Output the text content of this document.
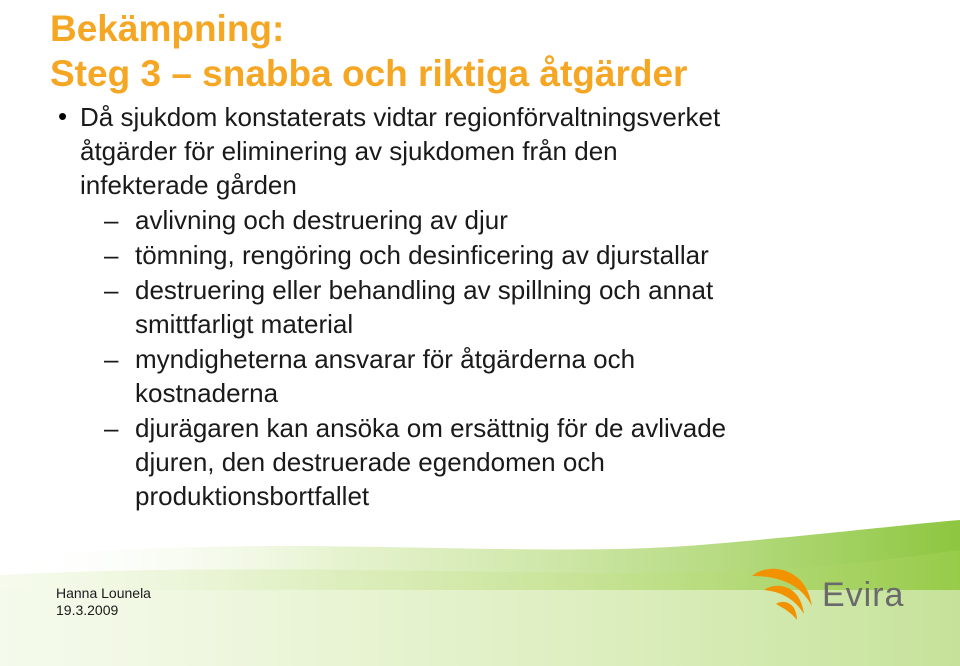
Bekämpning:
Steg 3 – snabba och riktiga åtgärder
• Då sjukdom konstaterats vidtar regionförvaltningsverket
åtgärder för eliminering av sjukdomen från den
infekterade gården
– avlivning och destruering av djur
– tömning, rengöring och desinficering av djurstallar
– destruering eller behandling av spillning och annat
smittfarligt material
– myndigheterna ansvarar för åtgärderna och
kostnaderna
– djurägaren kan ansöka om ersättnig för de avlivade
djuren, den destruerade egendomen och
produktionsbortfallet
Hanna Lounela
19.3.2009	Evira
